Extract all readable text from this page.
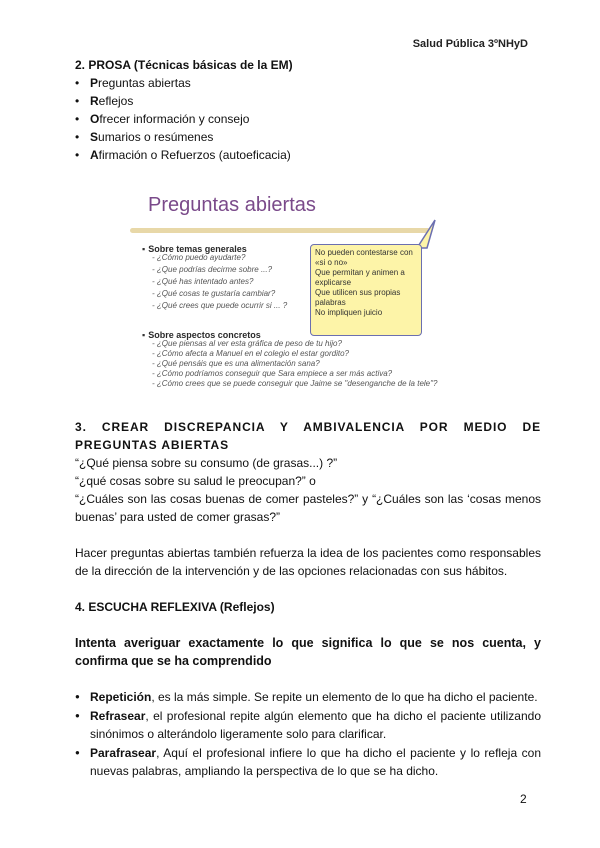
Salud Pública 3ºNHyD
2. PROSA (Técnicas básicas de la EM)
• Preguntas abiertas
• Reflejos
• Ofrecer información y consejo
• Sumarios o resúmenes
• Afirmación o Refuerzos (autoeficacia)
Preguntas abiertas
▪ Sobre temas generales
- ¿Cómo puedo ayudarte?
- ¿Que podrías decirme sobre ...?
- ¿Qué has intentado antes?
- ¿Qué cosas te gustaría cambiar?
- ¿Qué crees que puede ocurrir si ... ?
▪ Sobre aspectos concretos
- ¿Que piensas al ver esta gráfica de peso de tu hijo?
- ¿Cómo afecta a Manuel en el colegio el estar gordito?
- ¿Qué pensáis que es una alimentación sana?
- ¿Cómo podríamos conseguir que Sara empiece a ser más activa?
- ¿Cómo crees que se puede conseguir que Jaime se "desenganche de la tele"?
No pueden contestarse con «si o no»
Que permitan y animen a explicarse
Que utilicen sus propias palabras
No impliquen juicio
3. CREAR DISCREPANCIA Y AMBIVALENCIA POR MEDIO DE PREGUNTAS ABIERTAS
“¿Qué piensa sobre su consumo (de grasas...) ?”
“¿qué cosas sobre su salud le preocupan?” o
“¿Cuáles son las cosas buenas de comer pasteles?” y “¿Cuáles son las ‘cosas menos buenas’ para usted de comer grasas?”

Hacer preguntas abiertas también refuerza la idea de los pacientes como responsables de la dirección de la intervención y de las opciones relacionadas con sus hábitos.

4. ESCUCHA REFLEXIVA (Reflejos)

Intenta averiguar exactamente lo que significa lo que se nos cuenta, y confirma que se ha comprendido

● Repetición, es la más simple. Se repite un elemento de lo que ha dicho el paciente.
● Refrasear, el profesional repite algún elemento que ha dicho el paciente utilizando sinónimos o alterándolo ligeramente solo para clarificar.
● Parafrasear, Aquí el profesional infiere lo que ha dicho el paciente y lo refleja con nuevas palabras, ampliando la perspectiva de lo que se ha dicho.
2
